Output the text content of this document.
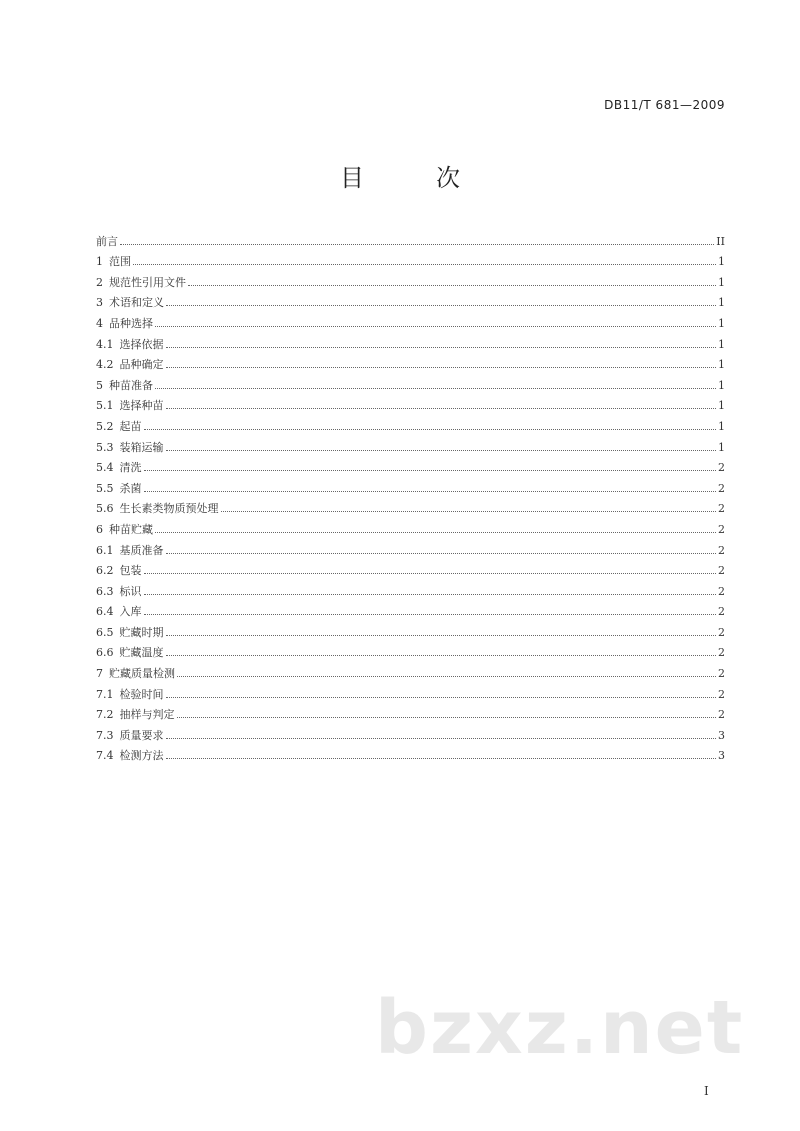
DB11/T 681—2009
目　次
前言	II
1 范围	1
2 规范性引用文件	1
3 术语和定义	1
4 品种选择	1
4.1 选择依据	1
4.2 品种确定	1
5 种苗准备	1
5.1 选择种苗	1
5.2 起苗	1
5.3 装箱运输	1
5.4 清洗	2
5.5 杀菌	2
5.6 生长素类物质预处理	2
6 种苗贮藏	2
6.1 基质准备	2
6.2 包装	2
6.3 标识	2
6.4 入库	2
6.5 贮藏时期	2
6.6 贮藏温度	2
7 贮藏质量检测	2
7.1 检验时间	2
7.2 抽样与判定	2
7.3 质量要求	3
7.4 检测方法	3
I
bzxz.net
